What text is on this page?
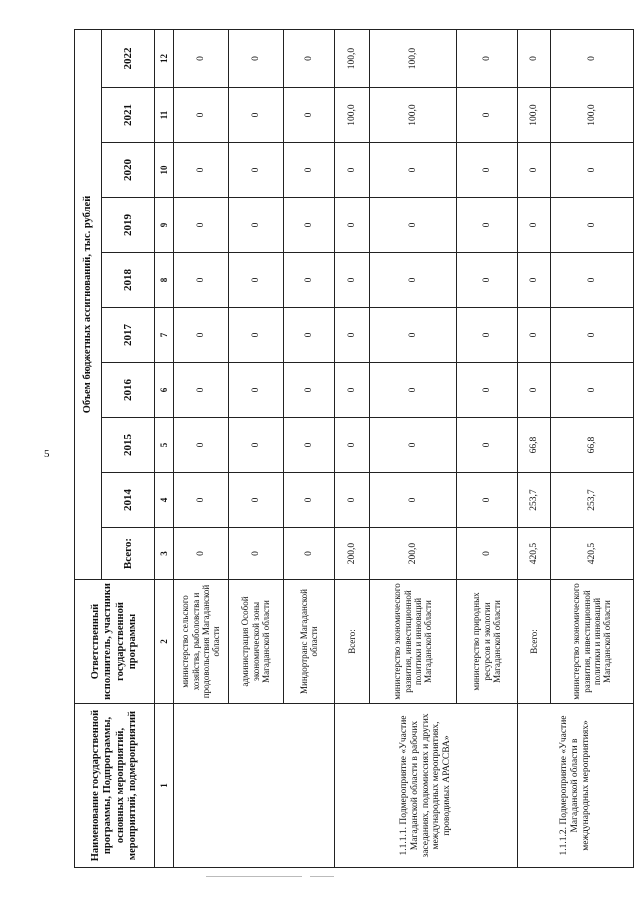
5
Наименование государственной программы, Подпрограммы, основных мероприятий, мероприятий, подмероприятий	Ответственный исполнитель, участники государственной программы	Объем бюджетных ассигнований, тыс. рублей									
		Всего:	2014	2015	2016	2017	2018	2019	2020	2021	2022
1	2	3	4	5	6	7	8	9	10	11	12
	министерство сельского хозяйства, рыболовства и продовольствия Магаданской области	0	0	0	0	0	0	0	0	0	0
	администрация Особой экономической зоны Магаданской области	0	0	0	0	0	0	0	0	0	0
	Миндортранс Магаданской области	0	0	0	0	0	0	0	0	0	0
1.1.1.1. Подмероприятие «Участие Магаданской области в рабочих заседаниях, подкомиссиях и других международных мероприятиях, проводимых АРАССВА»	Всего:	200,0	0	0	0	0	0	0	0	100,0	100,0
	министерство экономического развития, инвестиционной политики и инноваций Магаданской области	200,0	0	0	0	0	0	0	0	100,0	100,0
	министерство природных ресурсов и экологии Магаданской области	0	0	0	0	0	0	0	0	0	0
1.1.1.2. Подмероприятие «Участие Магаданской области в международных мероприятиях»	Всего:	420,5	253,7	66,8	0	0	0	0	0	100,0	0
	министерство экономического развития, инвестиционной политики и инноваций Магаданской области	420,5	253,7	66,8	0	0	0	0	0	100,0	0
